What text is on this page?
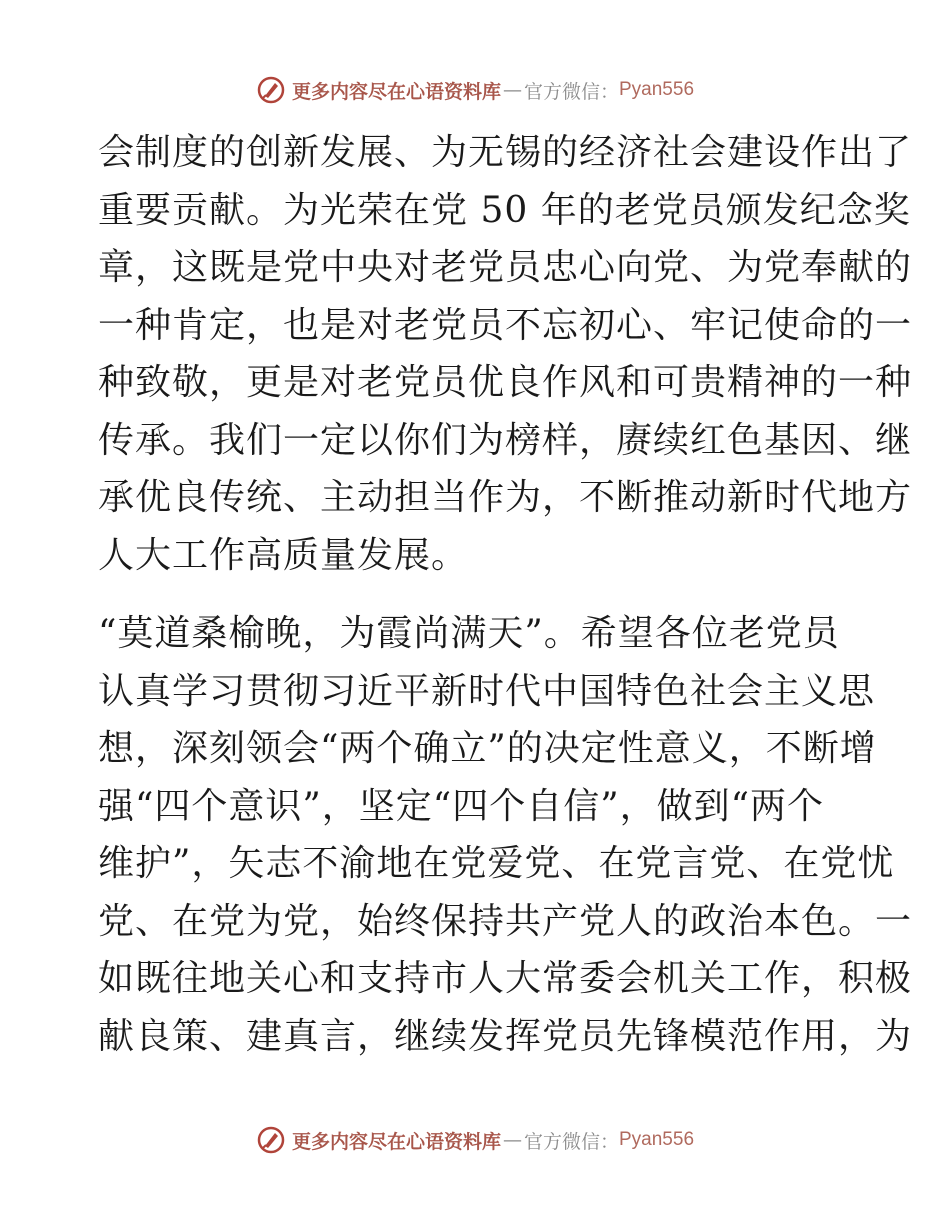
更多内容尽在心语资料库 — 官方微信： Pyan556
会制度的创新发展、为无锡的经济社会建设作出了
重要贡献。为光荣在党 50 年的老党员颁发纪念奖
章，这既是党中央对老党员忠心向党、为党奉献的
一种肯定，也是对老党员不忘初心、牢记使命的一
种致敬，更是对老党员优良作风和可贵精神的一种
传承。我们一定以你们为榜样，赓续红色基因、继
承优良传统、主动担当作为，不断推动新时代地方
人大工作高质量发展。
“莫道桑榆晚，为霞尚满天”。希望各位老党员
认真学习贯彻习近平新时代中国特色社会主义思
想，深刻领会“两个确立”的决定性意义，不断增
强“四个意识”，坚定“四个自信”，做到“两个
维护”，矢志不渝地在党爱党、在党言党、在党忧
党、在党为党，始终保持共产党人的政治本色。一
如既往地关心和支持市人大常委会机关工作，积极
献良策、建真言，继续发挥党员先锋模范作用，为
更多内容尽在心语资料库 — 官方微信： Pyan556
